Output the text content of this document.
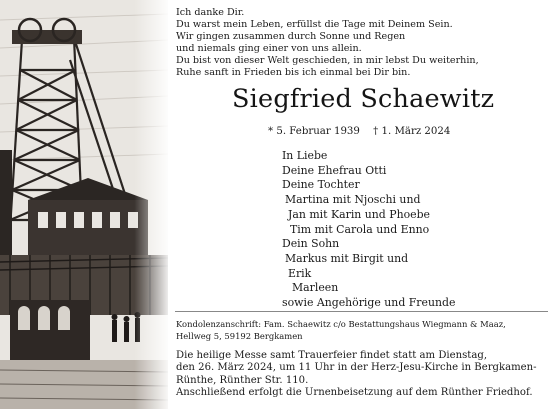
Ich danke Dir.
Du warst mein Leben, erfüllst die Tage mit Deinem Sein.
Wir gingen zusammen durch Sonne und Regen
und niemals ging einer von uns allein.
Du bist von dieser Welt geschieden, in mir lebst Du weiterhin,
Ruhe sanft in Frieden bis ich einmal bei Dir bin.
Siegfried Schaewitz
* 5. Februar 1939 † 1. März 2024
In Liebe
Deine Ehefrau Otti
Deine Tochter
Martina mit Njoschi und
Jan mit Karin und Phoebe
Tim mit Carola und Enno
Dein Sohn
Markus mit Birgit und
Erik
Marleen
sowie Angehörige und Freunde
Kondolenzanschrift: Fam. Schaewitz c/o Bestattungshaus Wiegmann & Maaz,
Hellweg 5, 59192 Bergkamen
Die heilige Messe samt Trauerfeier findet statt am Dienstag,
den 26. März 2024, um 11 Uhr in der Herz-Jesu-Kirche in Bergkamen-
Rünthe, Rünther Str. 110.
Anschließend erfolgt die Urnenbeisetzung auf dem Rünther Friedhof.
